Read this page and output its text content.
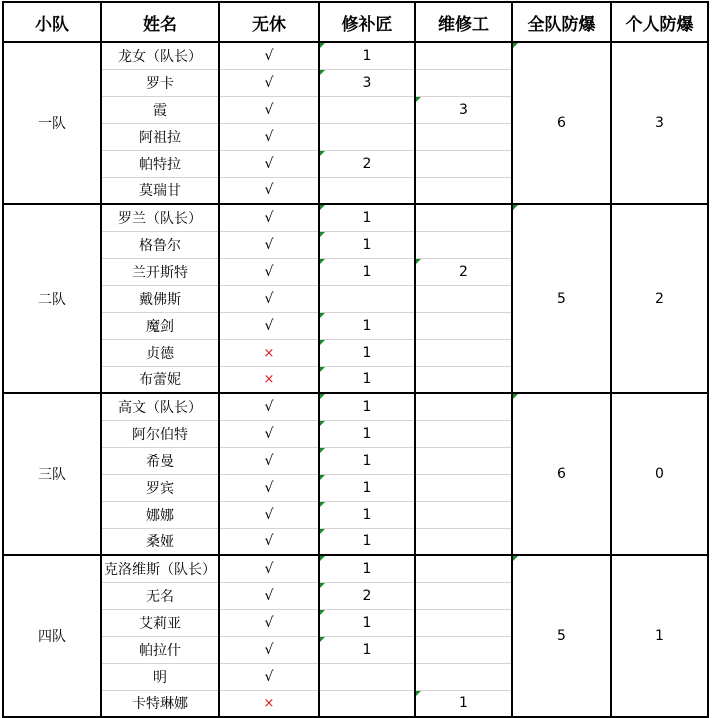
小队	姓名	无休	修补匠	维修工	全队防爆	个人防爆
一队	龙女（队长）	√	1		6	3
	罗卡	√	3			
	霞	√		3		
	阿祖拉	√				
	帕特拉	√	2			
	莫瑞甘	√				
二队	罗兰（队长）	√	1		5	2
	格鲁尔	√	1			
	兰开斯特	√	1	2		
	戴佛斯	√				
	魔剑	√	1			
	贞德	×	1			
	布蕾妮	×	1			
三队	高文（队长）	√	1		6	0
	阿尔伯特	√	1			
	希曼	√	1			
	罗宾	√	1			
	娜娜	√	1			
	桑娅	√	1			
四队	克洛维斯（队长）	√	1		5	1
	无名	√	2			
	艾莉亚	√	1			
	帕拉什	√	1			
	明	√				
	卡特琳娜	×		1		
